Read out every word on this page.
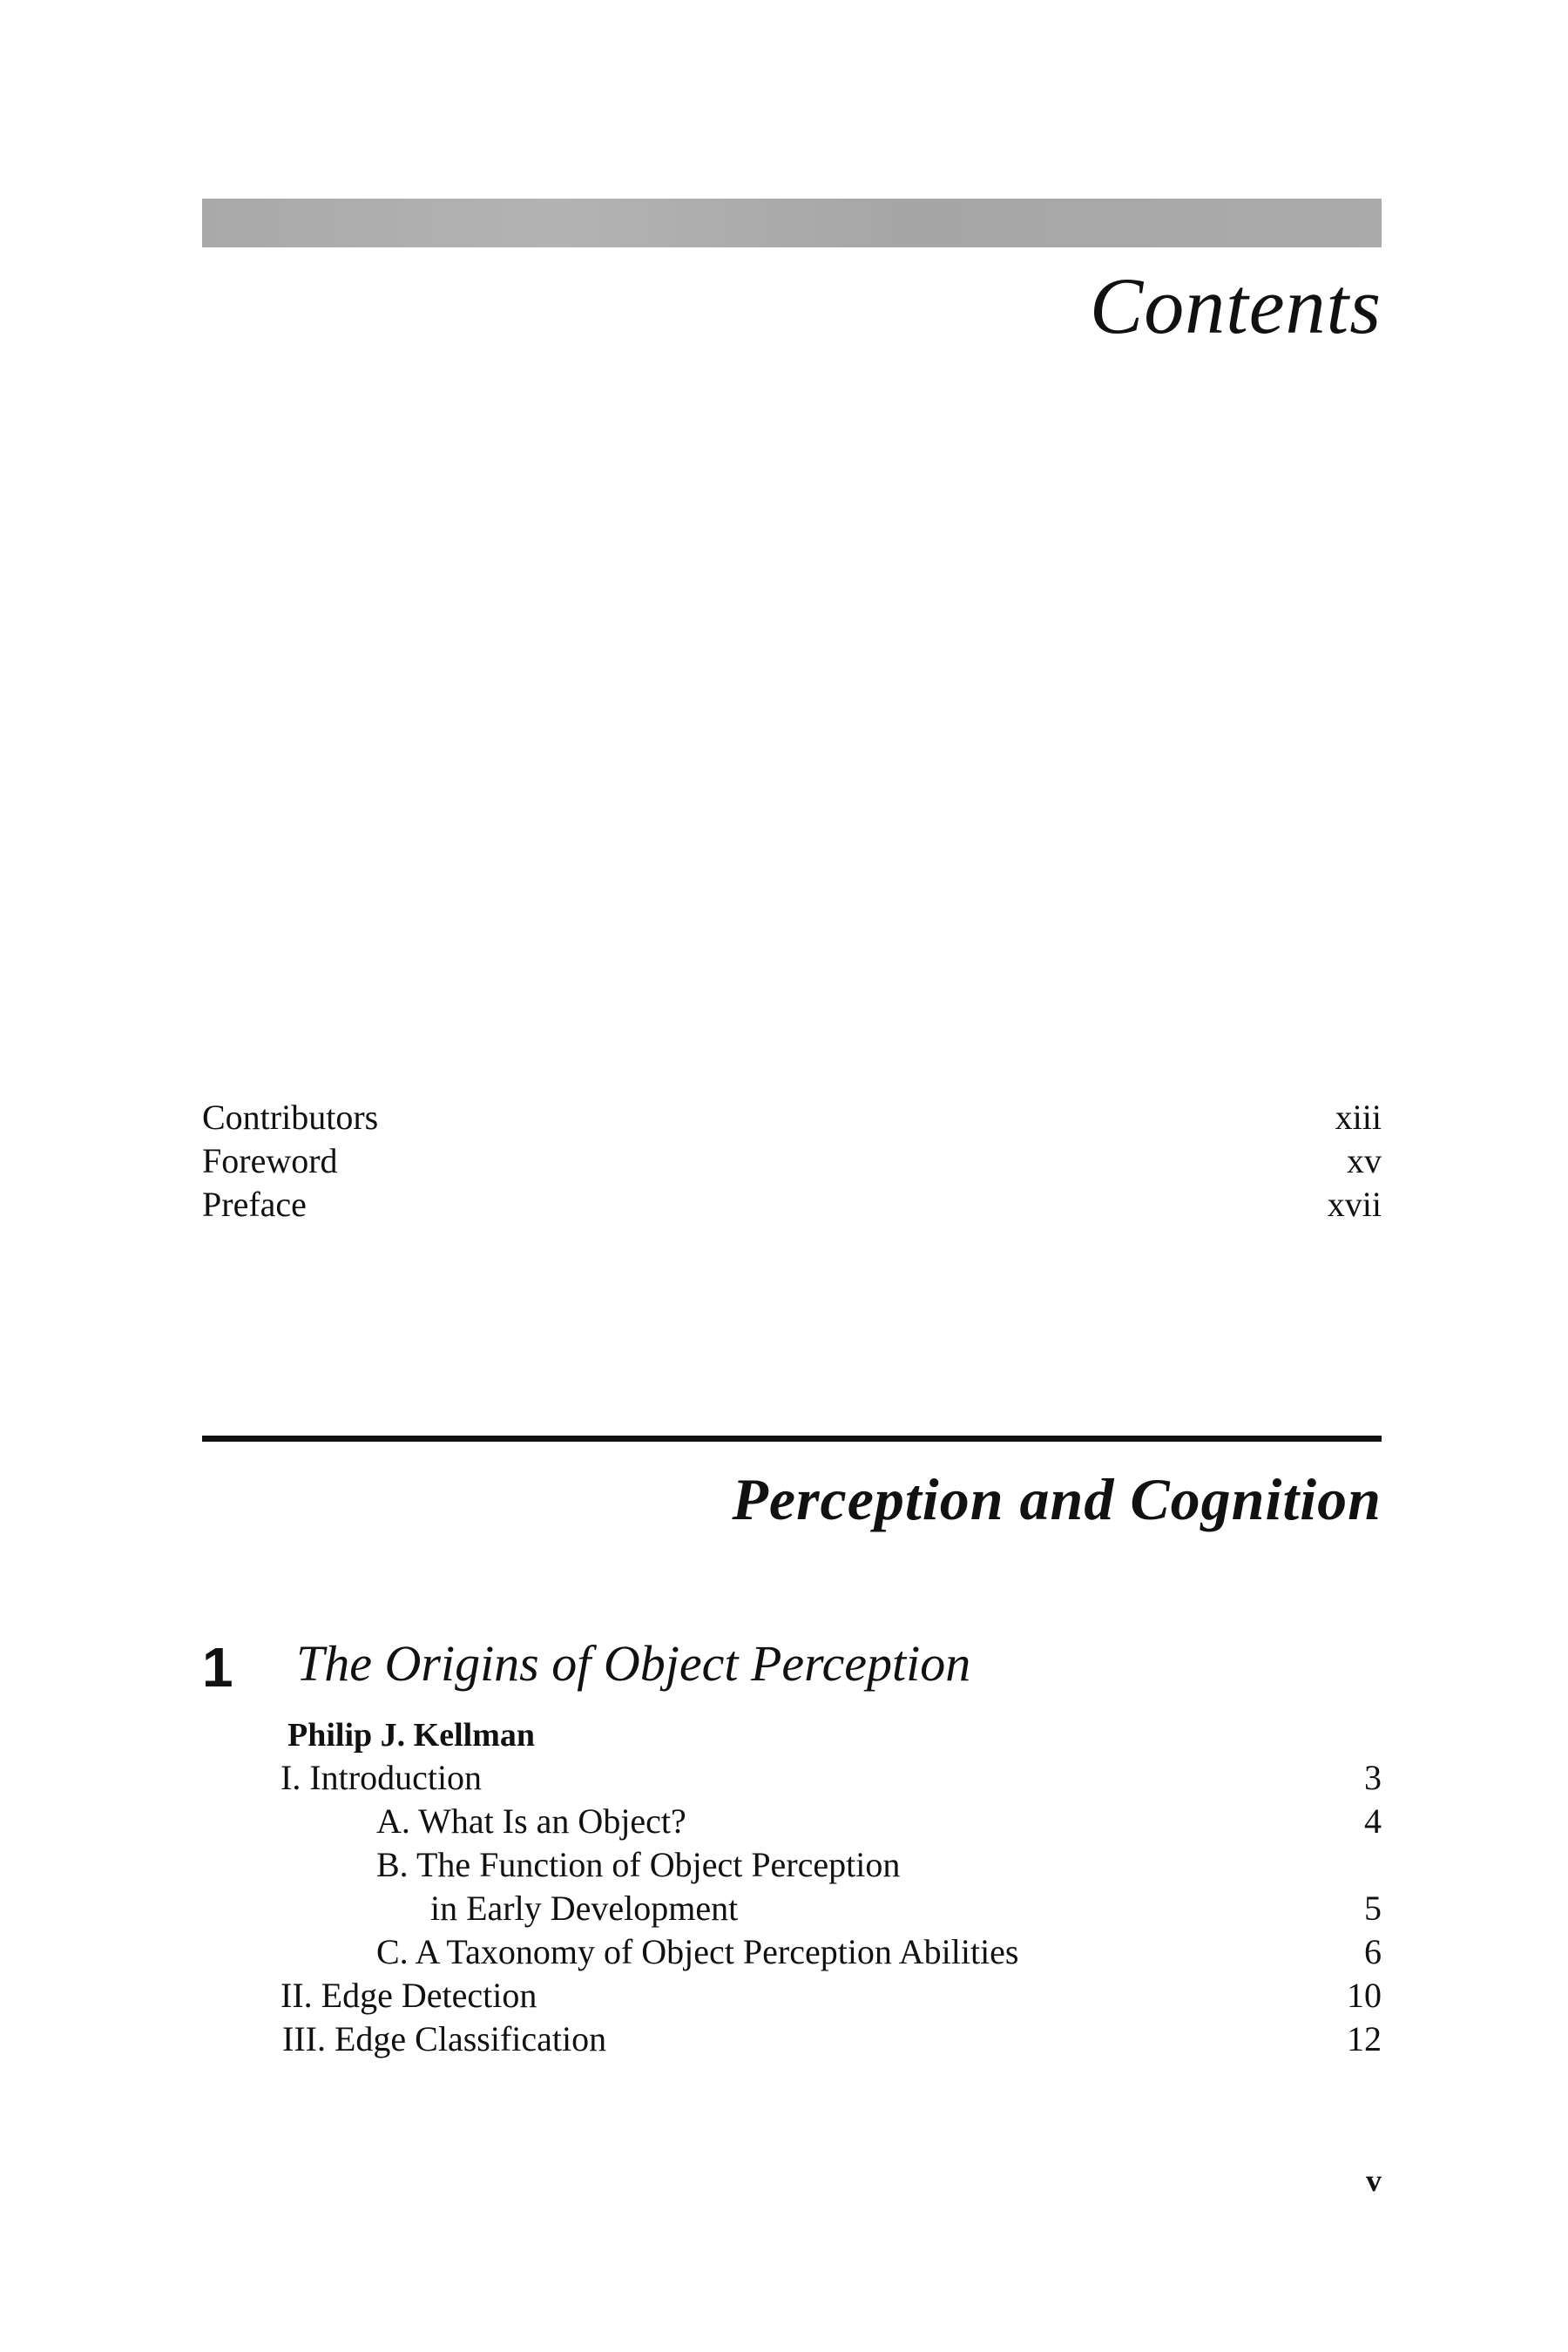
Contents
Contributors	xiii
Foreword	xv
Preface	xvii
Perception and Cognition
1 The Origins of Object Perception
Philip J. Kellman
I. Introduction	3
A. What Is an Object?	4
B. The Function of Object Perception
in Early Development	5
C. A Taxonomy of Object Perception Abilities	6
II. Edge Detection	10
III. Edge Classification	12
v
